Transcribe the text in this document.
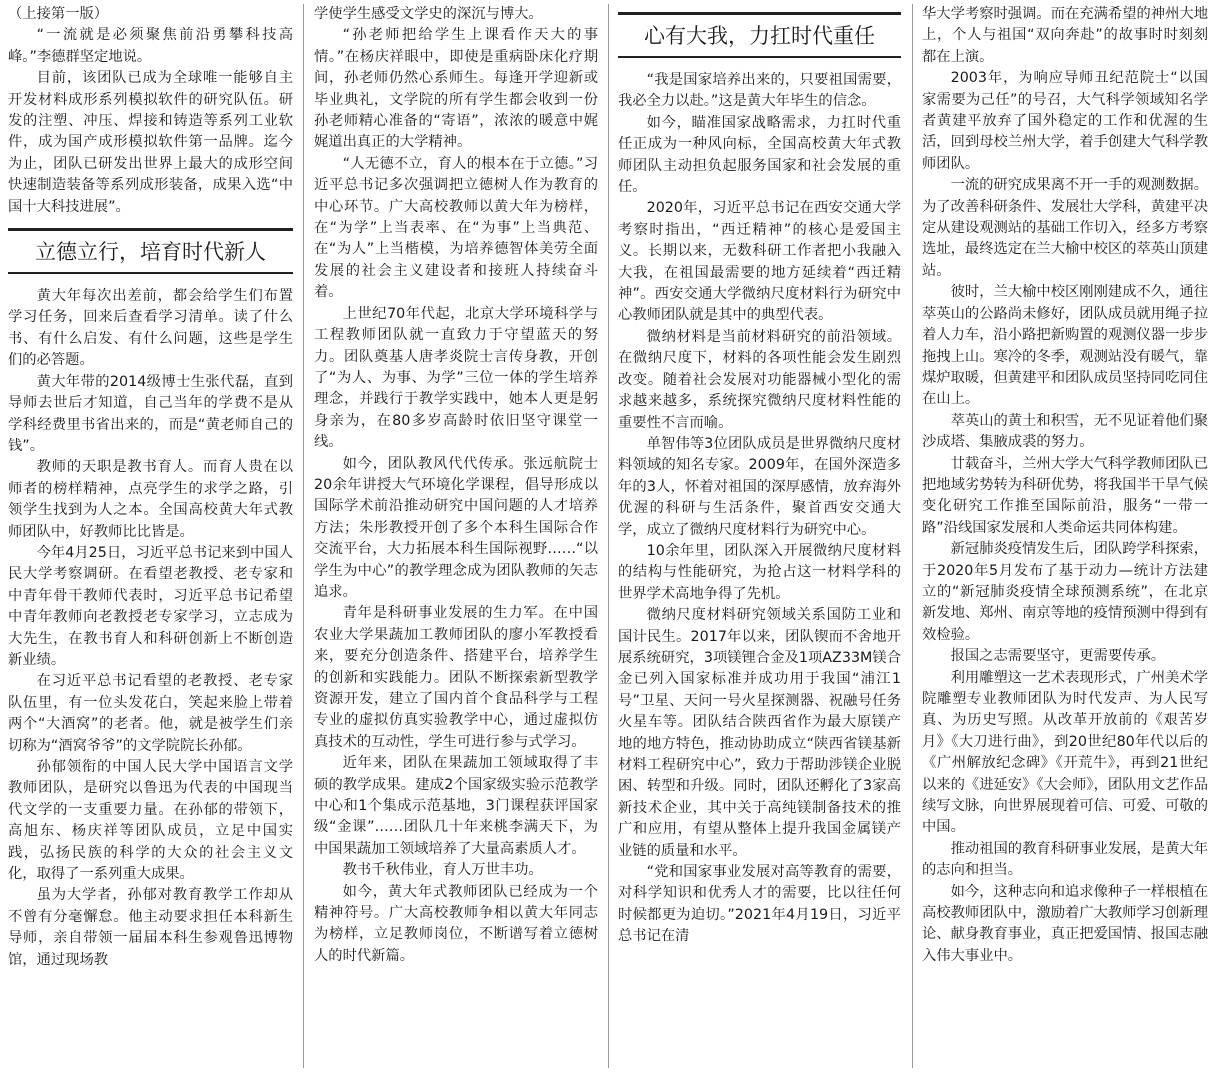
（上接第一版）

“一流就是必须聚焦前沿勇攀科技高峰。”李德群坚定地说。

目前，该团队已成为全球唯一能够自主开发材料成形系列模拟软件的研究队伍。研发的注塑、冲压、焊接和铸造等系列工业软件，成为国产成形模拟软件第一品牌。迄今为止，团队已研发出世界上最大的成形空间快速制造装备等系列成形装备，成果入选“中国十大科技进展”。

立德立行，培育时代新人

黄大年每次出差前，都会给学生们布置学习任务，回来后查看学习清单。读了什么书、有什么启发、有什么问题，这些是学生们的必答题。

黄大年带的2014级博士生张代磊，直到导师去世后才知道，自己当年的学费不是从学科经费里书省出来的，而是“黄老师自己的钱”。

教师的天职是教书育人。而育人贵在以师者的榜样精神，点亮学生的求学之路，引领学生找到为人之本。全国高校黄大年式教师团队中，好教师比比皆是。

今年4月25日，习近平总书记来到中国人民大学考察调研。在看望老教授、老专家和中青年骨干教师代表时，习近平总书记希望中青年教师向老教授老专家学习，立志成为大先生，在教书育人和科研创新上不断创造新业绩。

在习近平总书记看望的老教授、老专家队伍里，有一位头发花白，笑起来脸上带着两个“大酒窝”的老者。他，就是被学生们亲切称为“酒窝爷爷”的文学院院长孙郁。

孙郁领衔的中国人民大学中国语言文学教师团队，是研究以鲁迅为代表的中国现当代文学的一支重要力量。在孙郁的带领下，高旭东、杨庆祥等团队成员，立足中国实践，弘扬民族的科学的大众的社会主义文化，取得了一系列重大成果。

虽为大学者，孙郁对教育教学工作却从不曾有分毫懈怠。他主动要求担任本科新生导师，亲自带领一届届本科生参观鲁迅博物馆，通过现场教

学使学生感受文学史的深沉与博大。

“孙老师把给学生上课看作天大的事情。”在杨庆祥眼中，即使是重病卧床化疗期间，孙老师仍然心系师生。每逢开学迎新或毕业典礼，文学院的所有学生都会收到一份孙老师精心准备的“寄语”，浓浓的暖意中娓娓道出真正的大学精神。

“人无德不立，育人的根本在于立德。”习近平总书记多次强调把立德树人作为教育的中心环节。广大高校教师以黄大年为榜样，在“为学”上当表率、在“为事”上当典范、在“为人”上当楷模，为培养德智体美劳全面发展的社会主义建设者和接班人持续奋斗着。

上世纪70年代起，北京大学环境科学与工程教师团队就一直致力于守望蓝天的努力。团队奠基人唐孝炎院士言传身教，开创了“为人、为事、为学”三位一体的学生培养理念，并践行于教学实践中，她本人更是躬身亲为，在80多岁高龄时依旧坚守课堂一线。

如今，团队教风代代传承。张远航院士20余年讲授大气环境化学课程，倡导形成以国际学术前沿推动研究中国问题的人才培养方法；朱彤教授开创了多个本科生国际合作交流平台，大力拓展本科生国际视野……“以学生为中心”的教学理念成为团队教师的矢志追求。

青年是科研事业发展的生力军。在中国农业大学果蔬加工教师团队的廖小军教授看来，要充分创造条件、搭建平台，培养学生的创新和实践能力。团队不断探索新型教学资源开发，建立了国内首个食品科学与工程专业的虚拟仿真实验教学中心，通过虚拟仿真技术的互动性，学生可进行参与式学习。

近年来，团队在果蔬加工领域取得了丰硕的教学成果。建成2个国家级实验示范教学中心和1个集成示范基地，3门课程获评国家级“金课”……团队几十年来桃李满天下，为中国果蔬加工领域培养了大量高素质人才。

教书千秋伟业，育人万世丰功。

如今，黄大年式教师团队已经成为一个精神符号。广大高校教师争相以黄大年同志为榜样，立足教师岗位，不断谱写着立德树人的时代新篇。

心有大我，力扛时代重任

“我是国家培养出来的，只要祖国需要，我必全力以赴。”这是黄大年毕生的信念。

如今，瞄准国家战略需求，力扛时代重任正成为一种风向标，全国高校黄大年式教师团队主动担负起服务国家和社会发展的重任。

2020年，习近平总书记在西安交通大学考察时指出，“西迁精神”的核心是爱国主义。长期以来，无数科研工作者把小我融入大我，在祖国最需要的地方延续着“西迁精神”。西安交通大学微纳尺度材料行为研究中心教师团队就是其中的典型代表。

微纳材料是当前材料研究的前沿领域。在微纳尺度下，材料的各项性能会发生剧烈改变。随着社会发展对功能器械小型化的需求越来越多，系统探究微纳尺度材料性能的重要性不言而喻。

单智伟等3位团队成员是世界微纳尺度材料领域的知名专家。2009年，在国外深造多年的3人，怀着对祖国的深厚感情，放弃海外优渥的科研与生活条件，聚首西安交通大学，成立了微纳尺度材料行为研究中心。

10余年里，团队深入开展微纳尺度材料的结构与性能研究，为抢占这一材料学科的世界学术高地争得了先机。

微纳尺度材料研究领域关系国防工业和国计民生。2017年以来，团队锲而不舍地开展系统研究，3项镁锂合金及1项AZ33M镁合金已列入国家标准并成功用于我国“浦江1号”卫星、天问一号火星探测器、祝融号任务火星车等。团队结合陕西省作为最大原镁产地的地方特色，推动协助成立“陕西省镁基新材料工程研究中心”，致力于帮助涉镁企业脱困、转型和升级。同时，团队还孵化了3家高新技术企业，其中关于高纯镁制备技术的推广和应用，有望从整体上提升我国金属镁产业链的质量和水平。

“党和国家事业发展对高等教育的需要，对科学知识和优秀人才的需要，比以往任何时候都更为迫切。”2021年4月19日，习近平总书记在清

华大学考察时强调。而在充满希望的神州大地上，个人与祖国“双向奔赴”的故事时时刻刻都在上演。

2003年，为响应导师丑纪范院士“以国家需要为己任”的号召，大气科学领域知名学者黄建平放弃了国外稳定的工作和优渥的生活，回到母校兰州大学，着手创建大气科学教师团队。

一流的研究成果离不开一手的观测数据。为了改善科研条件、发展壮大学科，黄建平决定从建设观测站的基础工作切入，经多方考察选址，最终选定在兰大榆中校区的萃英山顶建站。

彼时，兰大榆中校区刚刚建成不久，通往萃英山的公路尚未修好，团队成员就用绳子拉着人力车，沿小路把新购置的观测仪器一步步拖拽上山。寒冷的冬季，观测站没有暖气，靠煤炉取暖，但黄建平和团队成员坚持同吃同住在山上。

萃英山的黄土和积雪，无不见证着他们聚沙成塔、集腋成裘的努力。

廿载奋斗，兰州大学大气科学教师团队已把地域劣势转为科研优势，将我国半干旱气候变化研究工作推至国际前沿，服务“一带一路”沿线国家发展和人类命运共同体构建。

新冠肺炎疫情发生后，团队跨学科探索，于2020年5月发布了基于动力—统计方法建立的“新冠肺炎疫情全球预测系统”，在北京新发地、郑州、南京等地的疫情预测中得到有效检验。

报国之志需要坚守，更需要传承。

利用雕塑这一艺术表现形式，广州美术学院雕塑专业教师团队为时代发声、为人民写真、为历史写照。从改革开放前的《艰苦岁月》《大刀进行曲》，到20世纪80年代以后的《广州解放纪念碑》《开荒牛》，再到21世纪以来的《进延安》《大会师》，团队用文艺作品续写文脉，向世界展现着可信、可爱、可敬的中国。

推动祖国的教育科研事业发展，是黄大年的志向和担当。

如今，这种志向和追求像种子一样根植在高校教师团队中，激励着广大教师学习创新理论、献身教育事业，真正把爱国情、报国志融入伟大事业中。
